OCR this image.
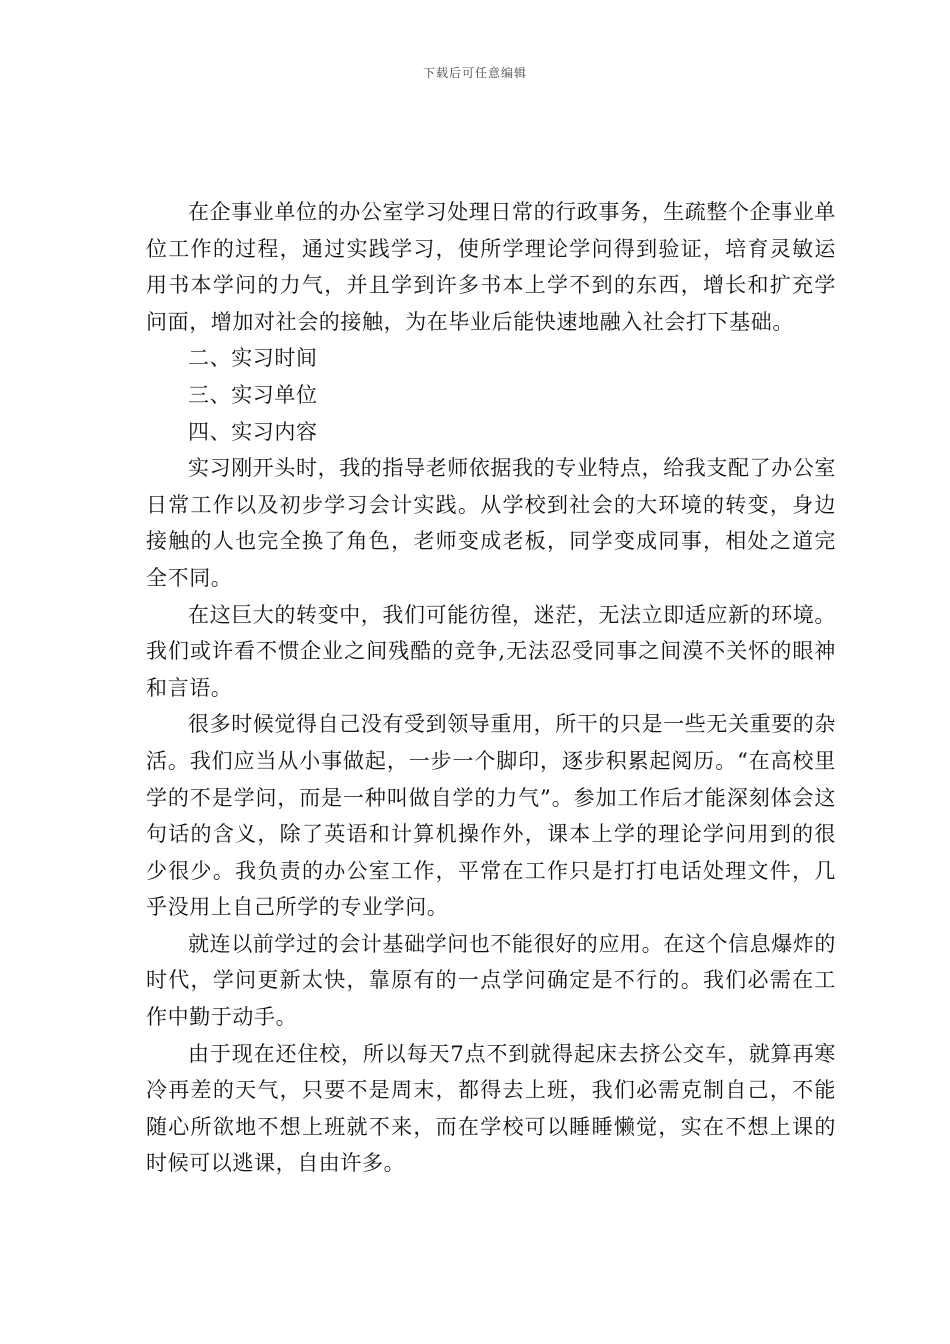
下载后可任意编辑

在企事业单位的办公室学习处理日常的行政事务，生疏整个企事业单位工作的过程，通过实践学习，使所学理论学问得到验证，培育灵敏运用书本学问的力气，并且学到许多书本上学不到的东西，增长和扩充学问面，增加对社会的接触，为在毕业后能快速地融入社会打下基础。

二、实习时间

三、实习单位

四、实习内容

实习刚开头时，我的指导老师依据我的专业特点，给我支配了办公室日常工作以及初步学习会计实践。从学校到社会的大环境的转变，身边接触的人也完全换了角色，老师变成老板，同学变成同事，相处之道完全不同。

在这巨大的转变中，我们可能彷徨，迷茫，无法立即适应新的环境。我们或许看不惯企业之间残酷的竞争,无法忍受同事之间漠不关怀的眼神和言语。

很多时候觉得自己没有受到领导重用，所干的只是一些无关重要的杂活。我们应当从小事做起，一步一个脚印，逐步积累起阅历。“在高校里学的不是学问，而是一种叫做自学的力气”。参加工作后才能深刻体会这句话的含义，除了英语和计算机操作外，课本上学的理论学问用到的很少很少。我负责的办公室工作，平常在工作只是打打电话处理文件，几乎没用上自己所学的专业学问。

就连以前学过的会计基础学问也不能很好的应用。在这个信息爆炸的时代，学问更新太快，靠原有的一点学问确定是不行的。我们必需在工作中勤于动手。

由于现在还住校，所以每天7点不到就得起床去挤公交车，就算再寒冷再差的天气，只要不是周末，都得去上班，我们必需克制自己，不能随心所欲地不想上班就不来，而在学校可以睡睡懒觉，实在不想上课的时候可以逃课，自由许多。
